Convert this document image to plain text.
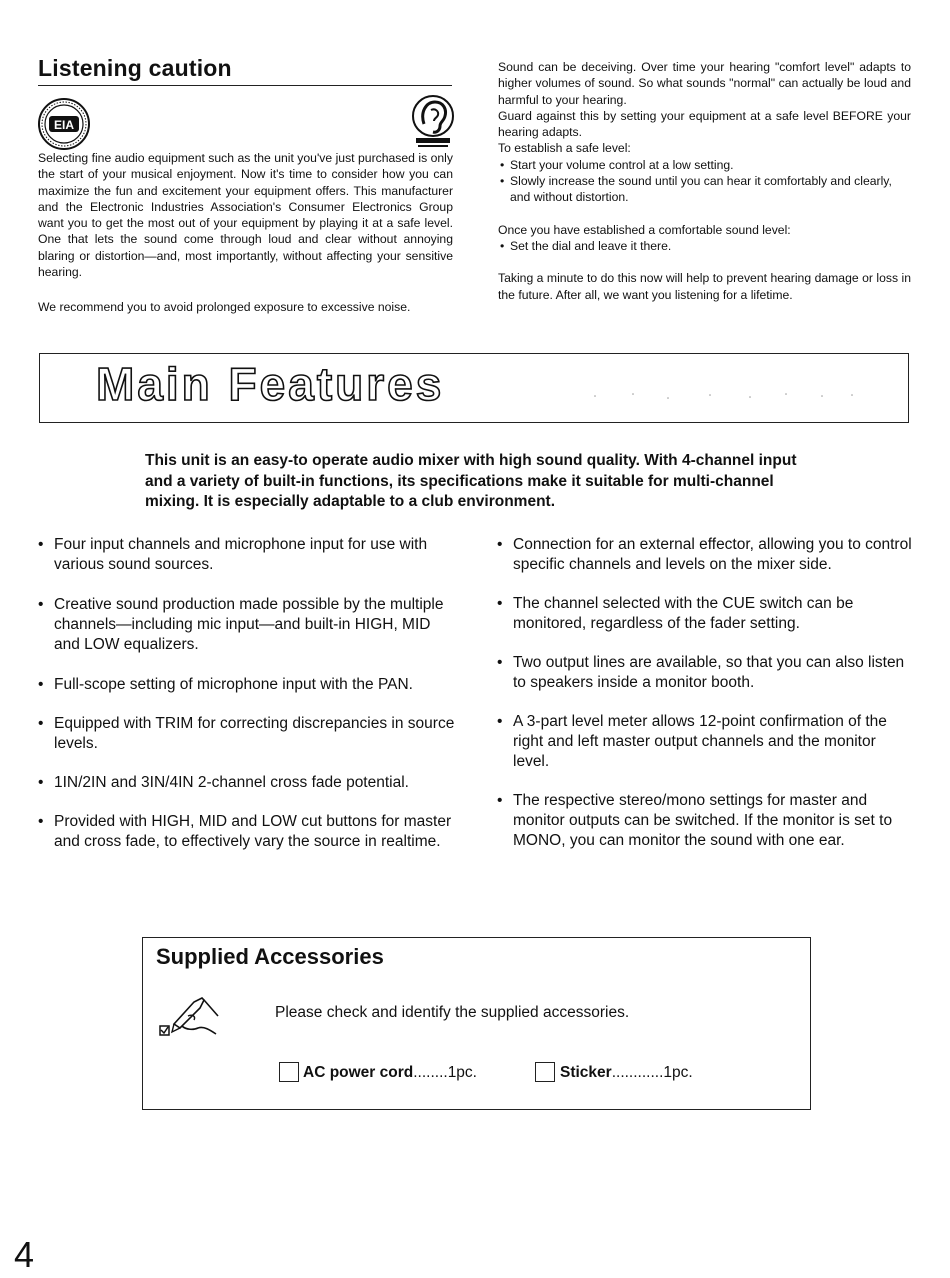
Listening caution
EIA
Selecting fine audio equipment such as the unit you've just purchased is only the start of your musical enjoyment. Now it's time to consider how you can maximize the fun and excitement your equipment offers. This manufacturer and the Electronic Industries Association's Consumer Electronics Group want you to get the most out of your equipment by playing it at a safe level. One that lets the sound come through loud and clear without annoying blaring or distortion—and, most importantly, without affecting your sensitive hearing.
We recommend you to avoid prolonged exposure to excessive noise.

Sound can be deceiving. Over time your hearing "comfort level" adapts to higher volumes of sound. So what sounds "normal" can actually be loud and harmful to your hearing.

Guard against this by setting your equipment at a safe level BEFORE your hearing adapts.

To establish a safe level:

• Start your volume control at a low setting.
• Slowly increase the sound until you can hear it comfortably and clearly, and without distortion.

Once you have established a comfortable sound level:

• Set the dial and leave it there.

Taking a minute to do this now will help to prevent hearing damage or loss in the future. After all, we want you listening for a lifetime.

Main Features
This unit is an easy-to operate audio mixer with high sound quality. With 4-channel input and a variety of built-in functions, its specifications make it suitable for multi-channel mixing. It is especially adaptable to a club environment.
• Four input channels and microphone input for use with various sound sources.
• Creative sound production made possible by the multiple channels—including mic input—and built-in HIGH, MID and LOW equalizers.
• Full-scope setting of microphone input with the PAN.
• Equipped with TRIM for correcting discrepancies in source levels.
• 1IN/2IN and 3IN/4IN 2-channel cross fade potential.
• Provided with HIGH, MID and LOW cut buttons for master and cross fade, to effectively vary the source in realtime.
• Connection for an external effector, allowing you to control specific channels and levels on the mixer side.
• The channel selected with the CUE switch can be monitored, regardless of the fader setting.
• Two output lines are available, so that you can also listen to speakers inside a monitor booth.
• A 3-part level meter allows 12-point confirmation of the right and left master output channels and the monitor level.
• The respective stereo/mono settings for master and monitor outputs can be switched. If the monitor is set to MONO, you can monitor the sound with one ear.
Supplied Accessories
Please check and identify the supplied accessories.
AC power cord........1pc.	Sticker............1pc.
4
